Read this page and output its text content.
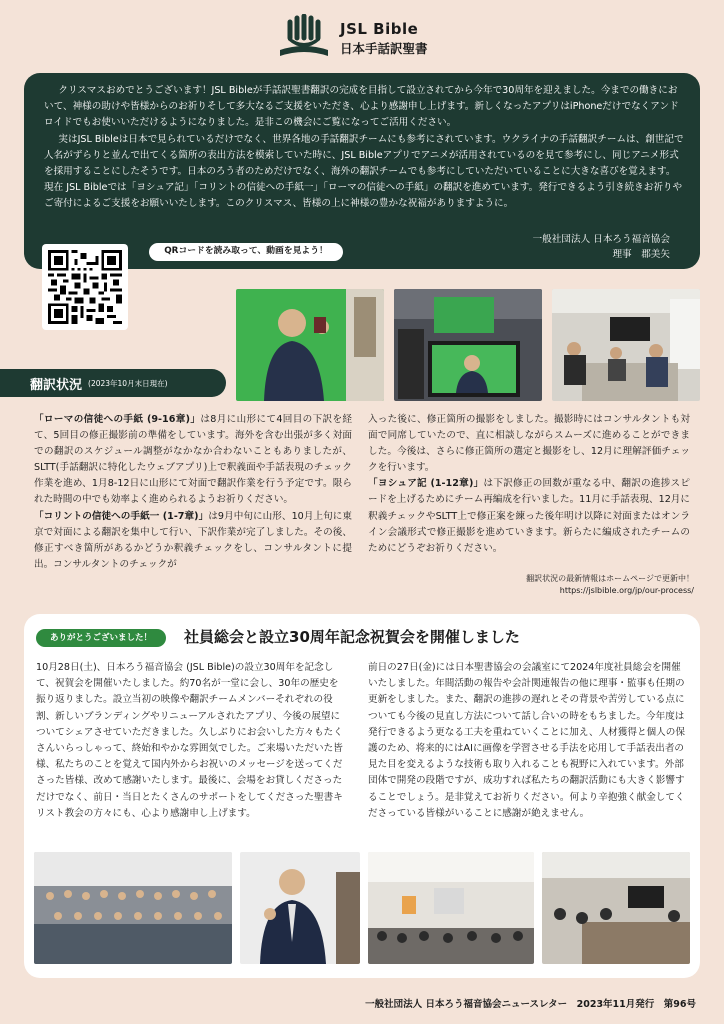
JSL Bible
日本手話訳聖書

クリスマスおめでとうございます！JSL Bibleが手話訳聖書翻訳の完成を目指して設立されてから今年で30周年を迎えました。今までの働きにおいて、神様の助けや皆様からのお祈りそして多大なるご支援をいただき、心より感謝申し上げます。新しくなったアプリはiPhoneだけでなくアンドロイドでもお使いいただけるようになりました。是非この機会にご覧になってご活用ください。

実はJSL Bibleは日本で見られているだけでなく、世界各地の手話翻訳チームにも参考にされています。ウクライナの手話翻訳チームは、創世記で人名がずらりと並んで出てくる箇所の表出方法を模索していた時に、JSL Bibleアプリでアニメが活用されているのを見て参考にし、同じアニメ形式を採用することにしたそうです。日本のろう者のためだけでなく、海外の翻訳チームでも参考にしていただいていることに大きな喜びを覚えます。現在 JSL Bibleでは「ヨシュア記」「コリントの信徒への手紙一」「ローマの信徒への手紙」の翻訳を進めています。発行できるよう引き続きお祈りやご寄付によるご支援をお願いいたします。このクリスマス、皆様の上に神様の豊かな祝福がありますように。

一般社団法人 日本ろう福音協会
理事　郡美矢
QRコードを読み取って、動画を見よう！
翻訳状況 (2023年10月末日現在)

「ローマの信徒への手紙 (9-16章)」は8月に山形にて4回目の下訳を経て、5回目の修正撮影前の準備をしています。海外を含む出張が多く対面での翻訳のスケジュール調整がなかなか合わないこともありましたが、SLTT(手話翻訳に特化したウェブアプリ)上で釈義面や手話表現のチェック作業を進め、1月8-12日に山形にて対面で翻訳作業を行う予定です。限られた時間の中でも効率よく進められるようお祈りください。

「コリントの信徒への手紙一 (1-7章)」は9月中旬に山形、10月上旬に東京で対面による翻訳を集中して行い、下訳作業が完了しました。その後、修正すべき箇所があるかどうか釈義チェックをし、コンサルタントに提出。コンサルタントのチェックが

入った後に、修正箇所の撮影をしました。撮影時にはコンサルタントも対面で同席していたので、直に相談しながらスムーズに進めることができました。今後は、さらに修正箇所の選定と撮影をし、12月に理解評価チェックを行います。

「ヨシュア記 (1-12章)」は下訳修正の回数が重なる中、翻訳の進捗スピードを上げるためにチーム再編成を行いました。11月に手話表現、12月に釈義チェックやSLTT上で修正案を練った後年明け以降に対面またはオンライン会議形式で修正撮影を進めていきます。新らたに編成されたチームのためにどうぞお祈りください。

翻訳状況の最新情報はホームページで更新中！
https://jslbible.org/jp/our-process/
ありがとうございました！	社員総会と設立30周年記念祝賀会を開催しました
10月28日(土)、日本ろう福音協会 (JSL Bible)の設立30周年を記念して、祝賀会を開催いたしました。約70名が一堂に会し、30年の歴史を振り返りました。設立当初の映像や翻訳チームメンバーそれぞれの役割、新しいブランディングやリニューアルされたアプリ、今後の展望についてシェアさせていただきました。久しぶりにお会いした方々もたくさんいらっしゃって、終始和やかな雰囲気でした。ご来場いただいた皆様、私たちのことを覚えて国内外からお祝いのメッセージを送ってくださった皆様、改めて感謝いたします。最後に、会場をお貸しくださっただけでなく、前日・当日とたくさんのサポートをしてくださった聖書キリスト教会の方々にも、心より感謝申し上げます。
前日の27日(金)には日本聖書協会の会議室にて2024年度社員総会を開催いたしました。年間活動の報告や会計関連報告の他に理事・監事も任期の更新をしました。また、翻訳の進捗の遅れとその背景や苦労している点についても今後の見直し方法について話し合いの時をもちました。今年度は発行できるよう更なる工夫を重ねていくことに加え、人材獲得と個人の保護のため、将来的にはAIに画像を学習させる手法を応用して手話表出者の見た目を変えるような技術も取り入れることも視野に入れています。外部団体で開発の段階ですが、成功すれば私たちの翻訳活動にも大きく影響することでしょう。是非覚えてお祈りください。何より辛抱強く献金してくださっている皆様がいることに感謝が絶えません。
一般社団法人 日本ろう福音協会ニュースレター　2023年11月発行　第96号
